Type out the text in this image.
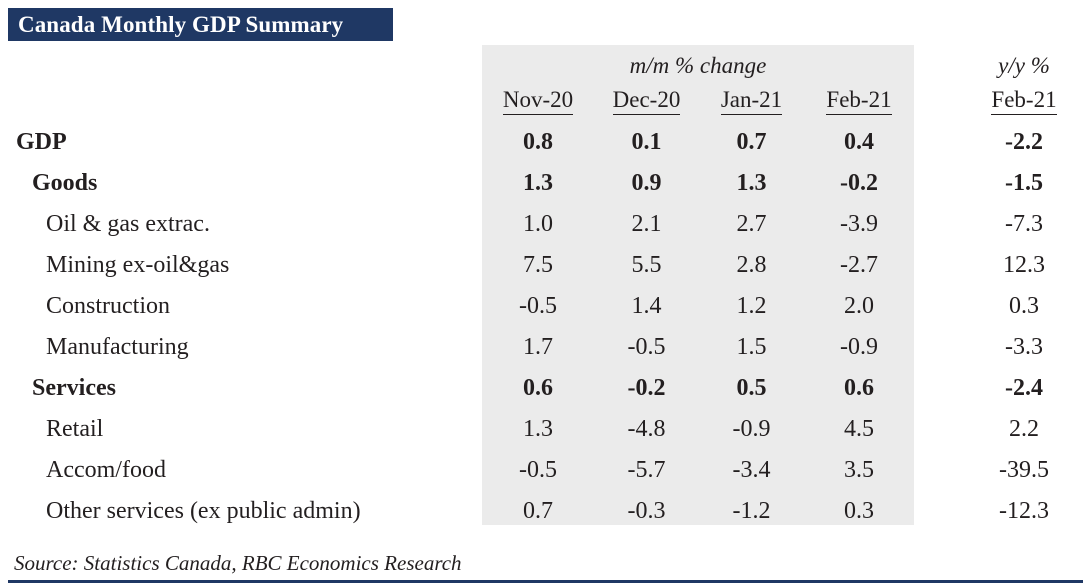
Canada Monthly GDP Summary
	m/m % change					y/y %
	Nov-20	Dec-20	Jan-21	Feb-21		Feb-21
GDP	0.8	0.1	0.7	0.4		-2.2
Goods	1.3	0.9	1.3	-0.2		-1.5
Oil & gas extrac.	1.0	2.1	2.7	-3.9		-7.3
Mining ex-oil&gas	7.5	5.5	2.8	-2.7		12.3
Construction	-0.5	1.4	1.2	2.0		0.3
Manufacturing	1.7	-0.5	1.5	-0.9		-3.3
Services	0.6	-0.2	0.5	0.6		-2.4
Retail	1.3	-4.8	-0.9	4.5		2.2
Accom/food	-0.5	-5.7	-3.4	3.5		-39.5
Other services (ex public admin)	0.7	-0.3	-1.2	0.3		-12.3
Source: Statistics Canada, RBC Economics Research
